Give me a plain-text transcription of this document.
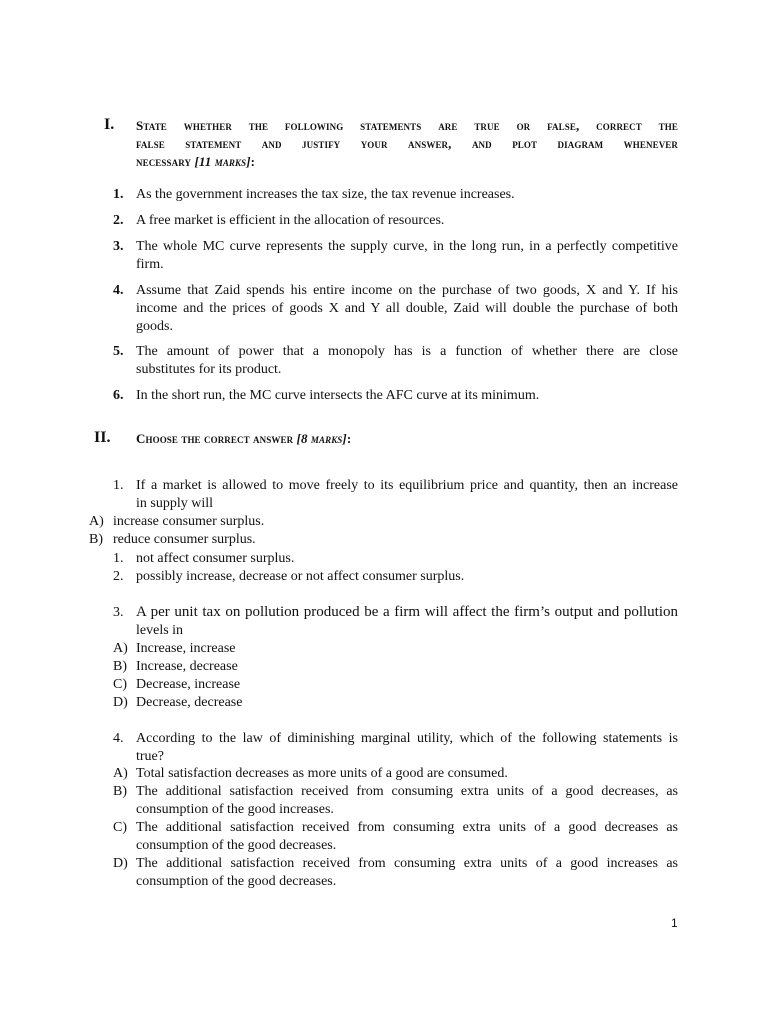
I. State whether the following statements are true or false, correct the
false statement and justify your answer, and plot diagram whenever
necessary [11 marks]:
1. As the government increases the tax size, the tax revenue increases.
2. A free market is efficient in the allocation of resources.
3. The whole MC curve represents the supply curve, in the long run, in a perfectly competitive
firm.
4. Assume that Zaid spends his entire income on the purchase of two goods, X and Y. If his
income and the prices of goods X and Y all double, Zaid will double the purchase of both
goods.
5. The amount of power that a monopoly has is a function of whether there are close
substitutes for its product.
6. In the short run, the MC curve intersects the AFC curve at its minimum.
II. Choose the correct answer [8 marks]:
1. If a market is allowed to move freely to its equilibrium price and quantity, then an increase
in supply will
A) increase consumer surplus.
B) reduce consumer surplus.
1. not affect consumer surplus.
2. possibly increase, decrease or not affect consumer surplus.
3. A per unit tax on pollution produced be a firm will affect the firm’s output and pollution
levels in
A) Increase, increase
B) Increase, decrease
C) Decrease, increase
D) Decrease, decrease
4. According to the law of diminishing marginal utility, which of the following statements is
true?
A) Total satisfaction decreases as more units of a good are consumed.
B) The additional satisfaction received from consuming extra units of a good decreases, as
consumption of the good increases.
C) The additional satisfaction received from consuming extra units of a good decreases as
consumption of the good decreases.
D) The additional satisfaction received from consuming extra units of a good increases as
consumption of the good decreases.
1
